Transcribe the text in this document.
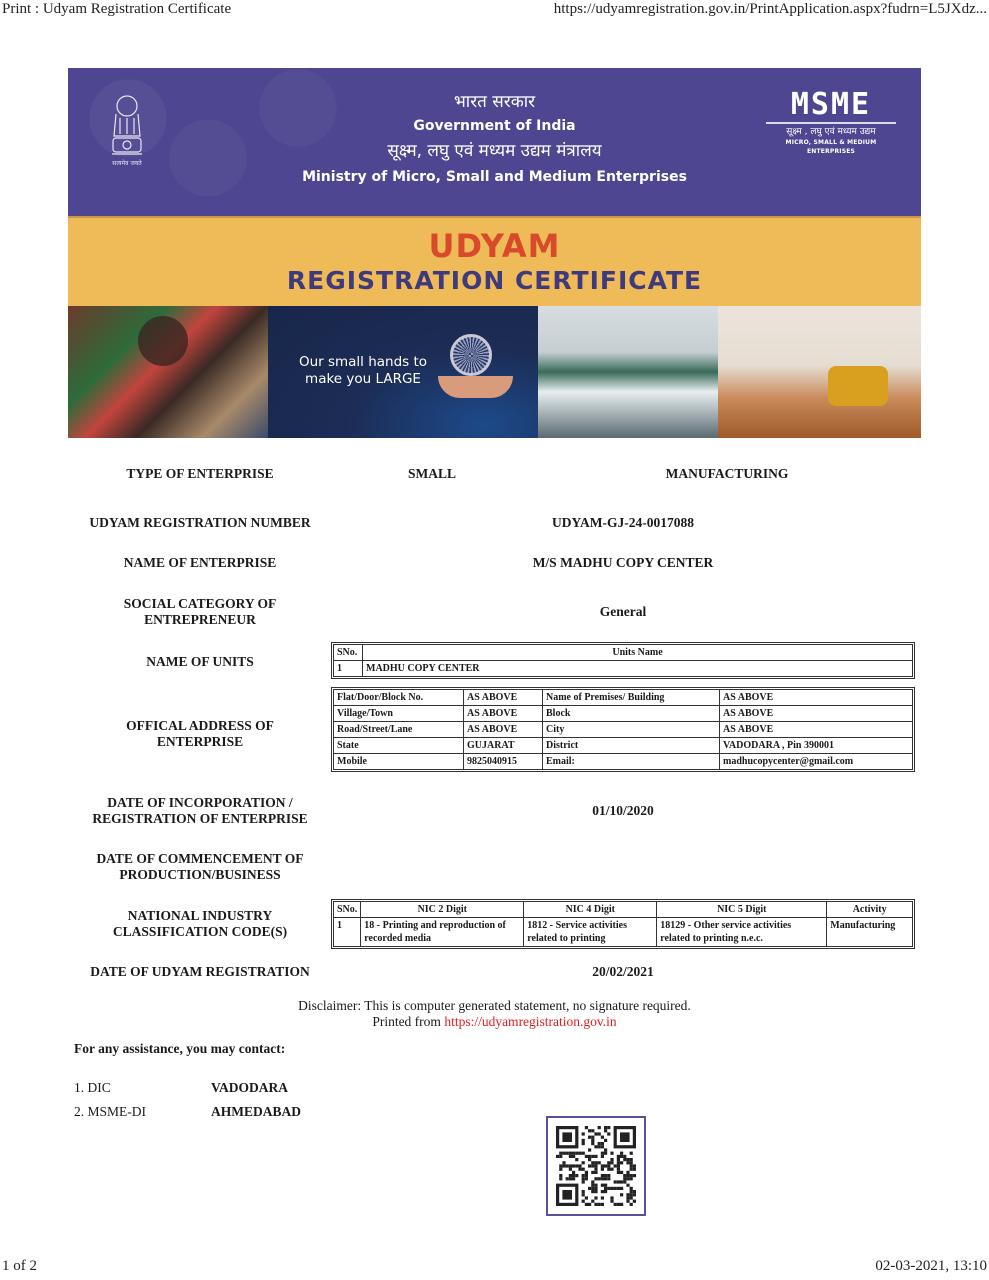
Print : Udyam Registration Certificate	https://udyamregistration.gov.in/PrintApplication.aspx?fudrn=L5JXdz...
सत्यमेव जयते
भारत सरकार
Government of India
सूक्ष्म, लघु एवं मध्यम उद्यम मंत्रालय
Ministry of Micro, Small and Medium Enterprises
MSME
सूक्ष्म , लघु एवं मध्यम उद्यम
MICRO, SMALL & MEDIUM ENTERPRISES
UDYAM
REGISTRATION CERTIFICATE
Our small hands to
make you LARGE
TYPE OF ENTERPRISE	SMALL	MANUFACTURING
UDYAM REGISTRATION NUMBER	UDYAM-GJ-24-0017088
NAME OF ENTERPRISE	M/S MADHU COPY CENTER
SOCIAL CATEGORY OF
ENTREPRENEUR
General
NAME OF UNITS
SNo.	Units Name
1	MADHU COPY CENTER
OFFICAL ADDRESS OF
ENTERPRISE
Flat/Door/Block No.	AS ABOVE	Name of Premises/ Building	AS ABOVE
Village/Town	AS ABOVE	Block	AS ABOVE
Road/Street/Lane	AS ABOVE	City	AS ABOVE
State	GUJARAT	District	VADODARA , Pin 390001
Mobile	9825040915	Email:	madhucopycenter@gmail.com
DATE OF INCORPORATION /
REGISTRATION OF ENTERPRISE
01/10/2020
DATE OF COMMENCEMENT OF
PRODUCTION/BUSINESS
NATIONAL INDUSTRY
CLASSIFICATION CODE(S)
SNo.	NIC 2 Digit	NIC 4 Digit	NIC 5 Digit	Activity
1	18 - Printing and reproduction of recorded media	1812 - Service activities related to printing	18129 - Other service activities related to printing n.e.c.	Manufacturing
DATE OF UDYAM REGISTRATION	20/02/2021
Disclaimer: This is computer generated statement, no signature required.
Printed from https://udyamregistration.gov.in
For any assistance, you may contact:
1. DIC	VADODARA
2. MSME-DI	AHMEDABAD
1 of 2	02-03-2021, 13:10
